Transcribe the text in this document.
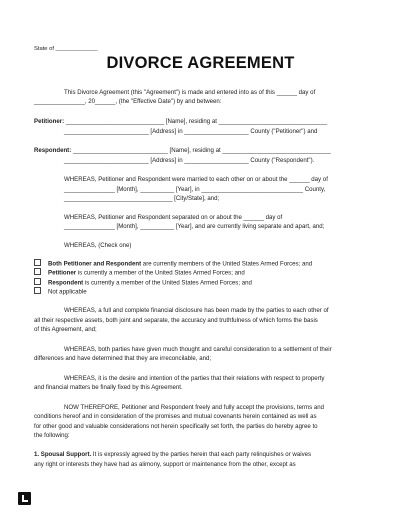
State of _____________
DIVORCE AGREEMENT
This Divorce Agreement (this "Agreement") is made and entered into as of this ______ day of
_______________, 20______, (the "Effective Date") by and between:
Petitioner: _____________________________ [Name], residing at ________________________________
_________________________ [Address] in ___________________ County ("Petitioner") and
Respondent: ____________________________ [Name], residing at ________________________________
_________________________ [Address] in ___________________ County ("Respondent").
WHEREAS, Petitioner and Respondent were married to each other on or about the ______ day of
_______________ [Month], __________ [Year], in ______________________________ County,
________________________________ [City/State], and;
WHEREAS, Petitioner and Respondent separated on or about the ______ day of
_______________ [Month], __________ [Year], and are currently living separate and apart, and;
WHEREAS, (Check one)
Both Petitioner and Respondent are currently members of the United States Armed Forces; and
Petitioner is currently a member of the United States Armed Forces; and
Respondent is currently a member of the United States Armed Forces; and
Not applicable
WHEREAS, a full and complete financial disclosure has been made by the parties to each other of
all their respective assets, both joint and separate, the accuracy and truthfulness of which forms the basis
of this Agreement, and;
WHEREAS, both parties have given much thought and careful consideration to a settlement of their
differences and have determined that they are irreconcilable, and;
WHEREAS, it is the desire and intention of the parties that their relations with respect to property
and financial matters be finally fixed by this Agreement.
NOW THEREFORE, Petitioner and Respondent freely and fully accept the provisions, terms and
conditions hereof and in consideration of the promises and mutual covenants herein contained as well as
for other good and valuable considerations not herein specifically set forth, the parties do hereby agree to
the following:
1. Spousal Support. It is expressly agreed by the parties herein that each party relinquishes or waives
any right or interests they have had as alimony, support or maintenance from the other, except as
